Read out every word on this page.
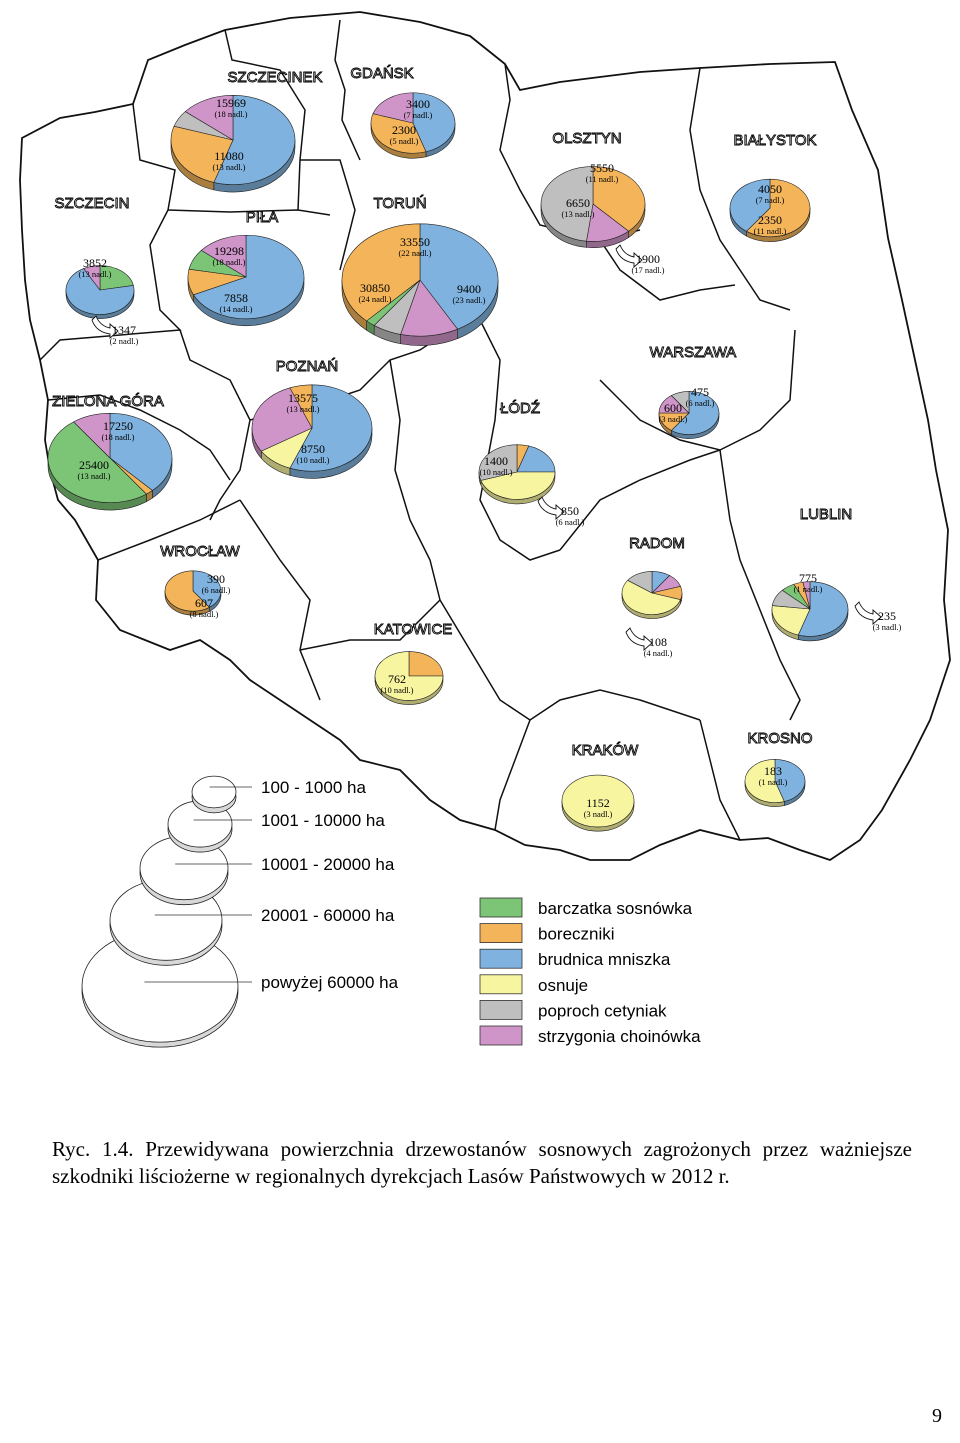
3852
(13 nadl.)
1347
(2 nadl.)
15969
(18 nadl.)
11080
(13 nadl.)
19298
(18 nadl.)
7858
(14 nadl.)
3400
(7 nadl.)
2300
(5 nadl.)
33550
(22 nadl.)
30850
(24 nadl.)
9400
(23 nadl.)
5550
(11 nadl.)
6650
(13 nadl.)
1900
(17 nadl.)
4050
(7 nadl.)
2350
(11 nadl.)
17250
(18 nadl.)
25400
(13 nadl.)
13575
(13 nadl.)
8750
(10 nadl.)	1400
(10 nadl.)
850
(6 nadl.)
475
(6 nadl.)
600
(3 nadl.)
390
(6 nadl.)
607
(8 nadl.)
108
(4 nadl.)
775
(1 nadl.)
235
(3 nadl.)
762
(10 nadl.)
1152
(3 nadl.)
183
(1 nadl.)
SZCZECIN
SZCZECINEK
PIŁA
GDAŃSK
TORUŃ
OLSZTYN	BIAŁYSTOK
ZIELONA GÓRA
POZNAŃ
ŁÓDŹ
WARSZAWA
WROCŁAW	RADOM
LUBLIN
KATOWICE
KRAKÓW
KROSNO
100 - 1000 ha
1001 - 10000 ha
10001 - 20000 ha
20001 - 60000 ha
powyżej 60000 ha
barczatka sosnówka
boreczniki
brudnica mniszka
osnuje
poproch cetyniak
strzygonia choinówka
Ryc. 1.4. Przewidywana powierzchnia drzewostanów sosnowych zagrożonych przez ważniejsze szkodniki liściożerne w regionalnych dyrekcjach Lasów Państwowych w 2012 r.
9
